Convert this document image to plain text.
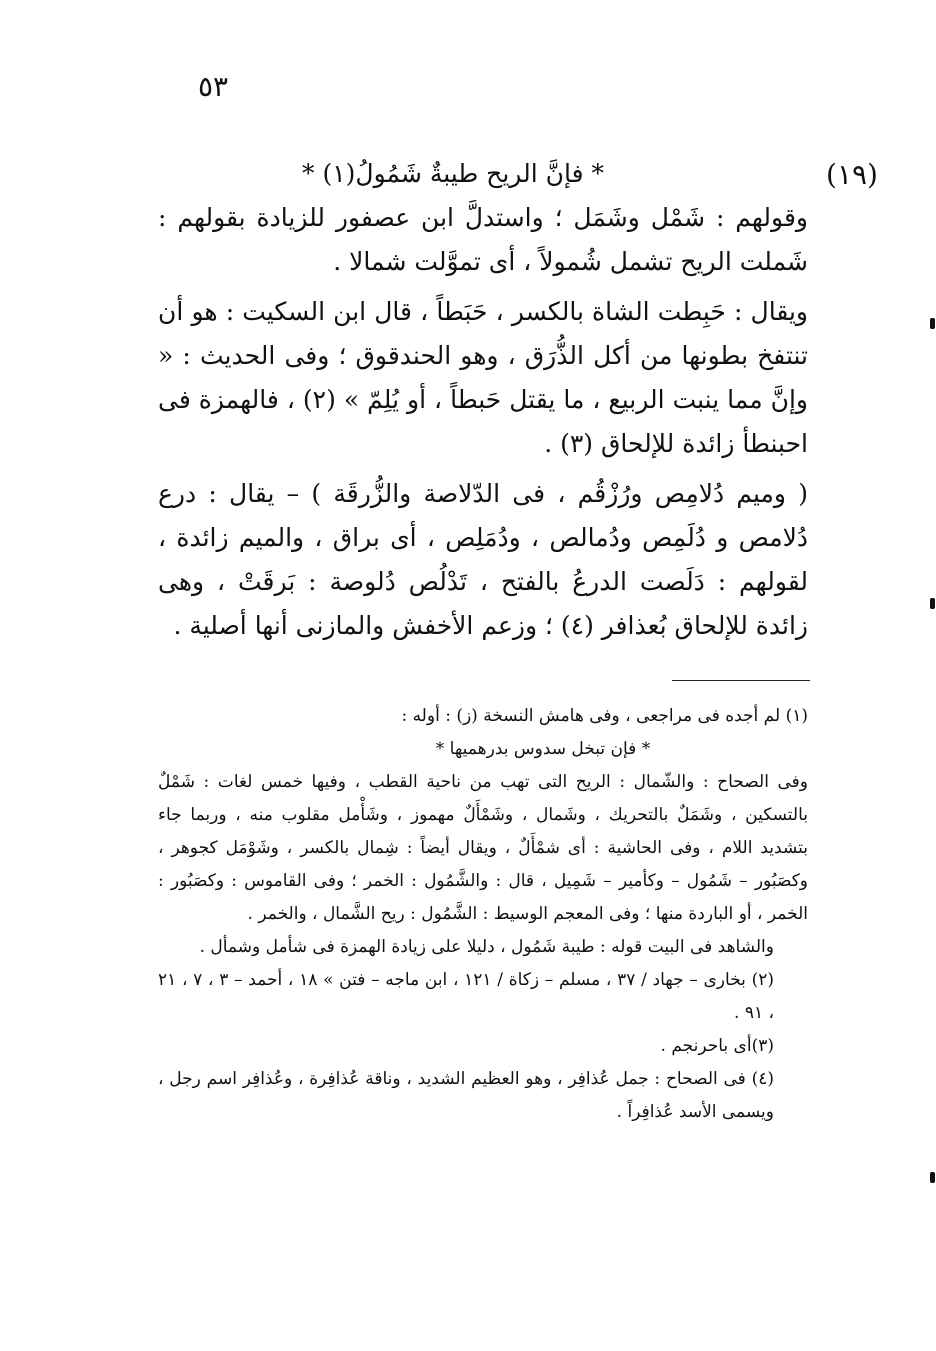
٥٣
(١٩)

* فإنَّ الريح طيبةٌ شَمُولُ(١) *

وقولهم : شَمْل وشَمَل ؛ واستدلَّ ابن عصفور للزيادة بقولهم : شَملت الريح تشمل شُمولاً ، أى تموَّلت شمالا .

ويقال : حَبِطت الشاة بالكسر ، حَبَطاً ، قال ابن السكيت : هو أن تنتفخ بطونها من أكل الذُّرَق ، وهو الحندقوق ؛ وفى الحديث : « وإنَّ مما ينبت الربيع ، ما يقتل حَبطاً ، أو يُلِمّ » (٢) ، فالهمزة فى احبنطأ زائدة للإلحاق (٣) .

( وميم دُلامِص ورُزْقُم ، فى الدّلاصة والزُّرقَة ) – يقال : درع دُلامص و دُلَمِص ودُمالص ، ودُمَلِص ، أى براق ، والميم زائدة ، لقولهم : دَلَصت الدرعُ بالفتح ، تَدْلُص دُلوصة : بَرقَتْ ، وهى زائدة للإلحاق بُعذافر (٤) ؛ وزعم الأخفش والمازنى أنها أصلية .

(١) لم أجده فى مراجعى ، وفى هامش النسخة (ز) : أوله :

* فإن تبخل سدوس بدرهميها *

وفى الصحاح : والشّمال : الريح التى تهب من ناحية القطب ، وفيها خمس لغات : شَمْلٌ بالتسكين ، وشَمَلٌ بالتحريك ، وشَمال ، وشَمْأَلٌ مهموز ، وشَأْمل مقلوب منه ، وربما جاء بتشديد اللام ، وفى الحاشية : أى شمْأَلٌ ، ويقال أيضاً : شِمال بالكسر ، وشَوْمَل كجوهر ، وكصَبُور – شَمُول – وكأمير – شَمِيل ، قال : والشَّمُول : الخمر ؛ وفى القاموس : وكصَبُور : الخمر ، أو الباردة منها ؛ وفى المعجم الوسيط : الشَّمُول : ريح الشَّمال ، والخمر .

والشاهد فى البيت قوله : طيبة شَمُول ، دليلا على زيادة الهمزة فى شأمل وشمأل .

(٢) بخارى – جهاد / ٣٧ ، مسلم – زكاة / ١٢١ ، ابن ماجه – فتن » ١٨ ، أحمد – ٣ ، ٧ ، ٢١ ، ٩١ .

(٣)أى باحرنجم .

(٤) فى الصحاح : جمل عُذافِر ، وهو العظيم الشديد ، وناقة عُذافِرة ، وعُذافِر اسم رجل ، ويسمى الأسد عُذافِراً .
